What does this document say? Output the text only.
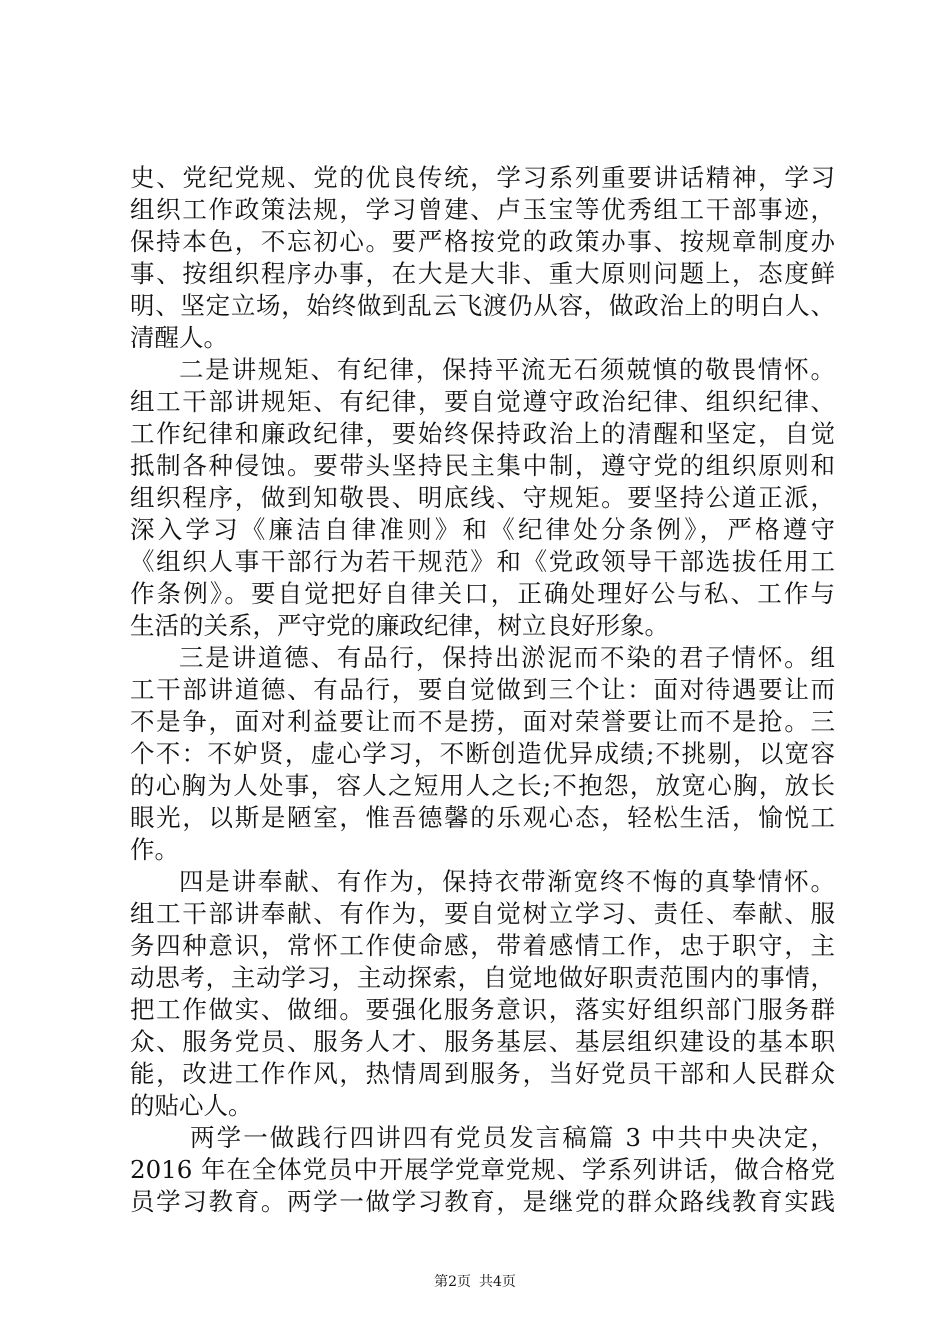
史、党纪党规、党的优良传统，学习系列重要讲话精神，学习
组织工作政策法规，学习曾建、卢玉宝等优秀组工干部事迹，
保持本色，不忘初心。要严格按党的政策办事、按规章制度办
事、按组织程序办事，在大是大非、重大原则问题上，态度鲜
明、坚定立场，始终做到乱云飞渡仍从容，做政治上的明白人、
清醒人。
二是讲规矩、有纪律，保持平流无石须兢慎的敬畏情怀。
组工干部讲规矩、有纪律，要自觉遵守政治纪律、组织纪律、
工作纪律和廉政纪律，要始终保持政治上的清醒和坚定，自觉
抵制各种侵蚀。要带头坚持民主集中制，遵守党的组织原则和
组织程序，做到知敬畏、明底线、守规矩。要坚持公道正派，
深入学习《廉洁自律准则》和《纪律处分条例》，严格遵守
《组织人事干部行为若干规范》和《党政领导干部选拔任用工
作条例》。要自觉把好自律关口，正确处理好公与私、工作与
生活的关系，严守党的廉政纪律，树立良好形象。
三是讲道德、有品行，保持出淤泥而不染的君子情怀。组
工干部讲道德、有品行，要自觉做到三个让：面对待遇要让而
不是争，面对利益要让而不是捞，面对荣誉要让而不是抢。三
个不：不妒贤，虚心学习，不断创造优异成绩;不挑剔，以宽容
的心胸为人处事，容人之短用人之长;不抱怨，放宽心胸，放长
眼光，以斯是陋室，惟吾德馨的乐观心态，轻松生活，愉悦工
作。
四是讲奉献、有作为，保持衣带渐宽终不悔的真挚情怀。
组工干部讲奉献、有作为，要自觉树立学习、责任、奉献、服
务四种意识，常怀工作使命感，带着感情工作，忠于职守，主
动思考，主动学习，主动探索，自觉地做好职责范围内的事情，
把工作做实、做细。要强化服务意识，落实好组织部门服务群
众、服务党员、服务人才、服务基层、基层组织建设的基本职
能，改进工作作风，热情周到服务，当好党员干部和人民群众
的贴心人。
两学一做践行四讲四有党员发言稿篇 3 中共中央决定，
2016 年在全体党员中开展学党章党规、学系列讲话，做合格党
员学习教育。两学一做学习教育，是继党的群众路线教育实践
第2页 共4页
